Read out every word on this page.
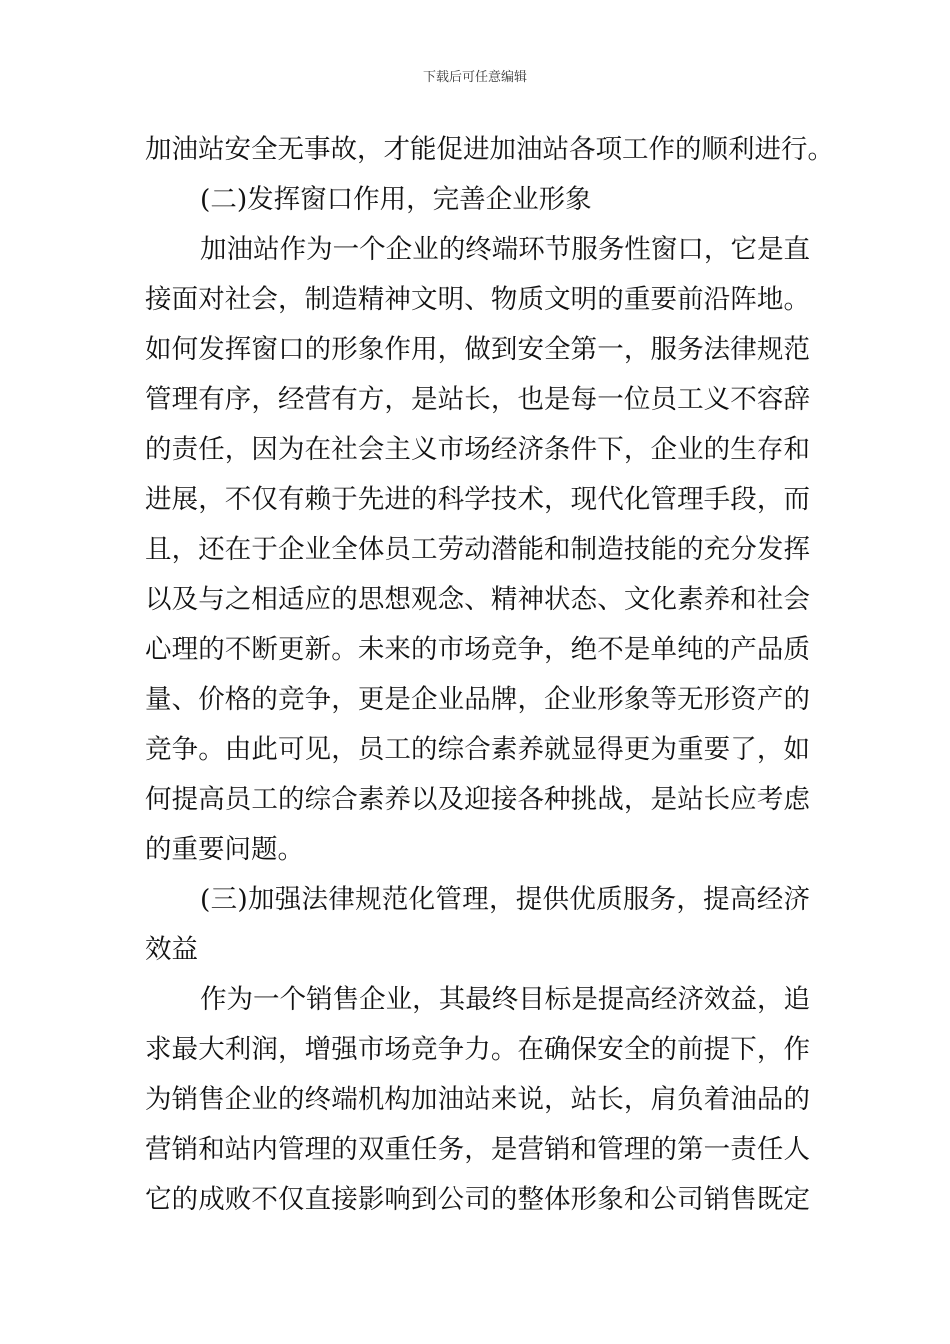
下载后可任意编辑
加油站安全无事故，才能促进加油站各项工作的顺利进行。
(二)发挥窗口作用，完善企业形象
加油站作为一个企业的终端环节服务性窗口，它是直
接面对社会，制造精神文明、物质文明的重要前沿阵地。
如何发挥窗口的形象作用，做到安全第一，服务法律规范
管理有序，经营有方，是站长，也是每一位员工义不容辞
的责任，因为在社会主义市场经济条件下，企业的生存和
进展，不仅有赖于先进的科学技术，现代化管理手段，而
且，还在于企业全体员工劳动潜能和制造技能的充分发挥
以及与之相适应的思想观念、精神状态、文化素养和社会
心理的不断更新。未来的市场竞争，绝不是单纯的产品质
量、价格的竞争，更是企业品牌，企业形象等无形资产的
竞争。由此可见，员工的综合素养就显得更为重要了，如
何提高员工的综合素养以及迎接各种挑战，是站长应考虑
的重要问题。
(三)加强法律规范化管理，提供优质服务，提高经济
效益
作为一个销售企业，其最终目标是提高经济效益，追
求最大利润，增强市场竞争力。在确保安全的前提下，作
为销售企业的终端机构加油站来说，站长，肩负着油品的
营销和站内管理的双重任务，是营销和管理的第一责任人
它的成败不仅直接影响到公司的整体形象和公司销售既定
